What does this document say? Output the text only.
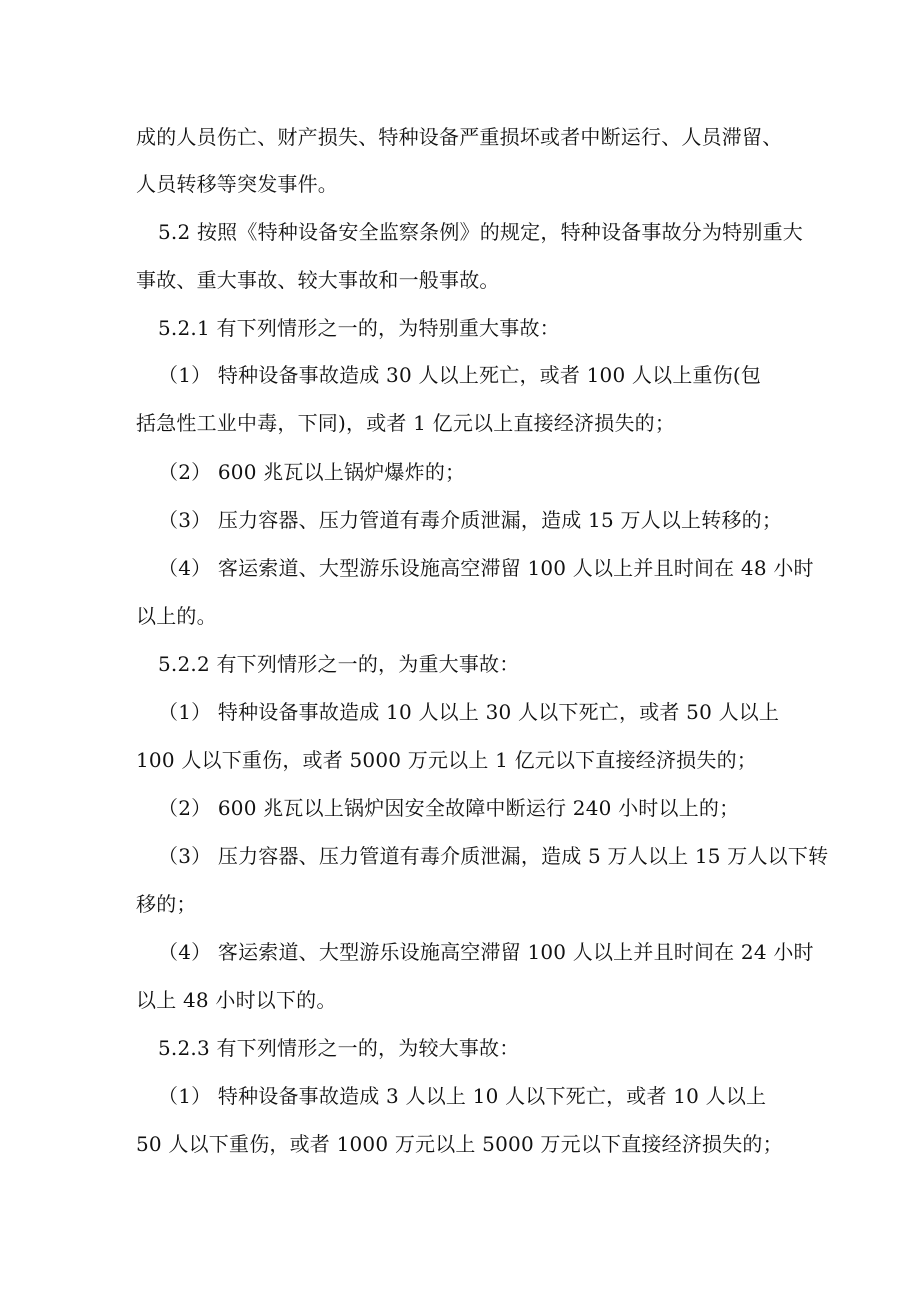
成的人员伤亡、财产损失、特种设备严重损坏或者中断运行、人员滞留、
人员转移等突发事件。
5.2 按照《特种设备安全监察条例》的规定，特种设备事故分为特别重大
事故、重大事故、较大事故和一般事故。
5.2.1 有下列情形之一的，为特别重大事故：
（1） 特种设备事故造成 30 人以上死亡，或者 100 人以上重伤(包
括急性工业中毒，下同)，或者 1 亿元以上直接经济损失的；
（2） 600 兆瓦以上锅炉爆炸的；
（3） 压力容器、压力管道有毒介质泄漏，造成 15 万人以上转移的；
（4） 客运索道、大型游乐设施高空滞留 100 人以上并且时间在 48 小时
以上的。
5.2.2 有下列情形之一的，为重大事故：
（1） 特种设备事故造成 10 人以上 30 人以下死亡，或者 50 人以上
100 人以下重伤，或者 5000 万元以上 1 亿元以下直接经济损失的；
（2） 600 兆瓦以上锅炉因安全故障中断运行 240 小时以上的；
（3） 压力容器、压力管道有毒介质泄漏，造成 5 万人以上 15 万人以下转
移的；
（4） 客运索道、大型游乐设施高空滞留 100 人以上并且时间在 24 小时
以上 48 小时以下的。
5.2.3 有下列情形之一的，为较大事故：
（1） 特种设备事故造成 3 人以上 10 人以下死亡，或者 10 人以上
50 人以下重伤，或者 1000 万元以上 5000 万元以下直接经济损失的；
